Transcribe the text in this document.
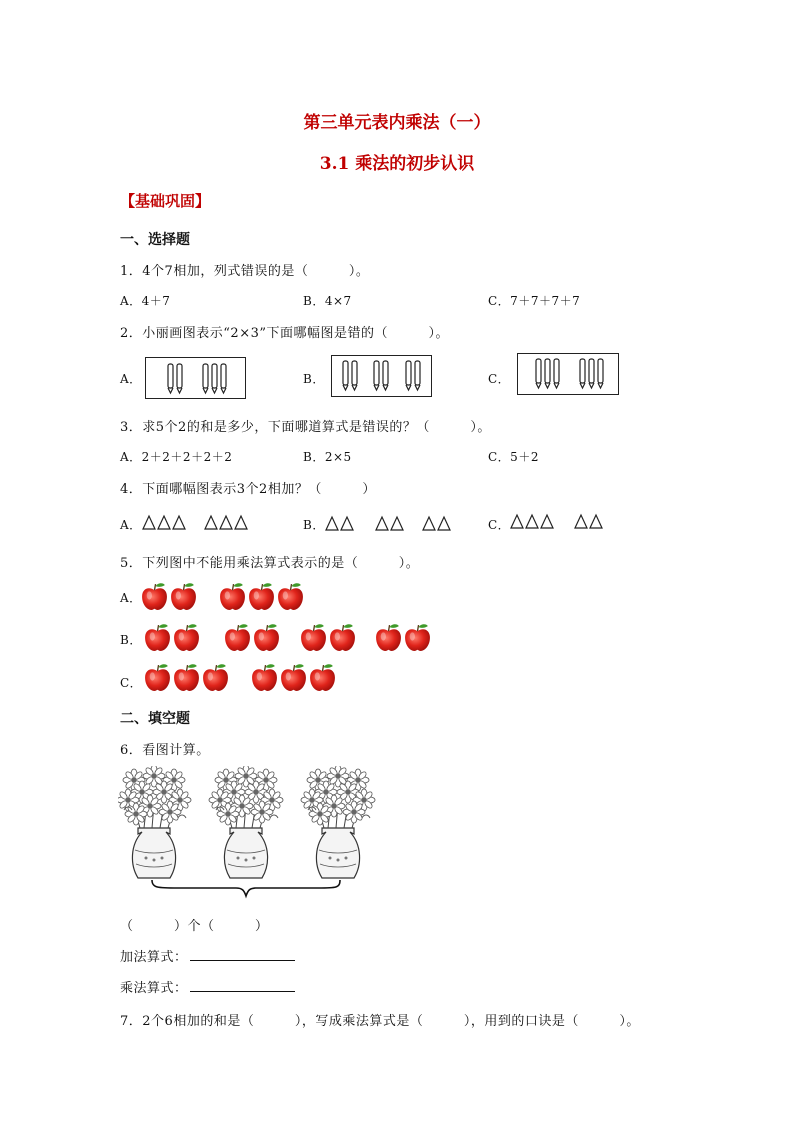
第三单元表内乘法（一）
3.1 乘法的初步认识
【基础巩固】
一、选择题
1．4个7相加，列式错误的是（　　　）。
A．4＋7	B．4×7	C．7＋7＋7＋7
2．小丽画图表示“2×3”下面哪幅图是错的（　　　）。
A．	B．	C．
3．求5个2的和是多少，下面哪道算式是错误的？（　　　）。
A．2＋2＋2＋2＋2	B．2×5	C．5＋2
4．下面哪幅图表示3个2相加？（　　　）
A．	B．	C．
5．下列图中不能用乘法算式表示的是（　　　）。
A．
B．
C．
二、填空题
6．看图计算。
（　　　）个（　　　）
加法算式：
乘法算式：
7．2个6相加的和是（　　　），写成乘法算式是（　　　），用到的口诀是（　　　）。
